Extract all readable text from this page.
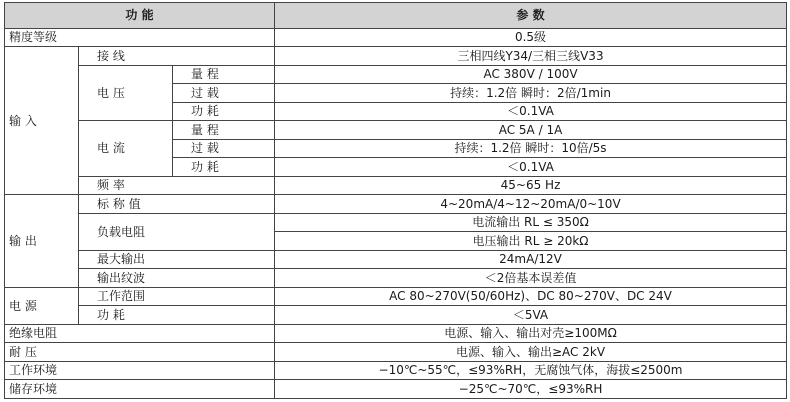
功 能			参 数
精度等级			0.5级
输 入	接 线		三相四线Y34/三相三线V33
	电 压	量 程	AC 380V / 100V
		过 载	持续：1.2倍 瞬时：2倍/1min
		功 耗	＜0.1VA
	电 流	量 程	AC 5A / 1A
		过 载	持续：1.2倍 瞬时：10倍/5s
		功 耗	＜0.1VA
	频 率		45~65 Hz
输 出	标 称 值		4~20mA/4~12~20mA/0~10V
	负载电阻		电流输出 RL ≤ 350Ω
			电压输出 RL ≥ 20kΩ
	最大输出		24mA/12V
	输出纹波		＜2倍基本误差值
电 源	工作范围		AC 80~270V(50/60Hz)、DC 80~270V、DC 24V
	功 耗		＜5VA
绝缘电阻			电源、输入、输出对壳≥100MΩ
耐 压			电源、输入、输出≥AC 2kV
工作环境			−10℃~55℃，≤93%RH，无腐蚀气体，海拔≤2500m
储存环境			−25℃~70℃，≤93%RH
